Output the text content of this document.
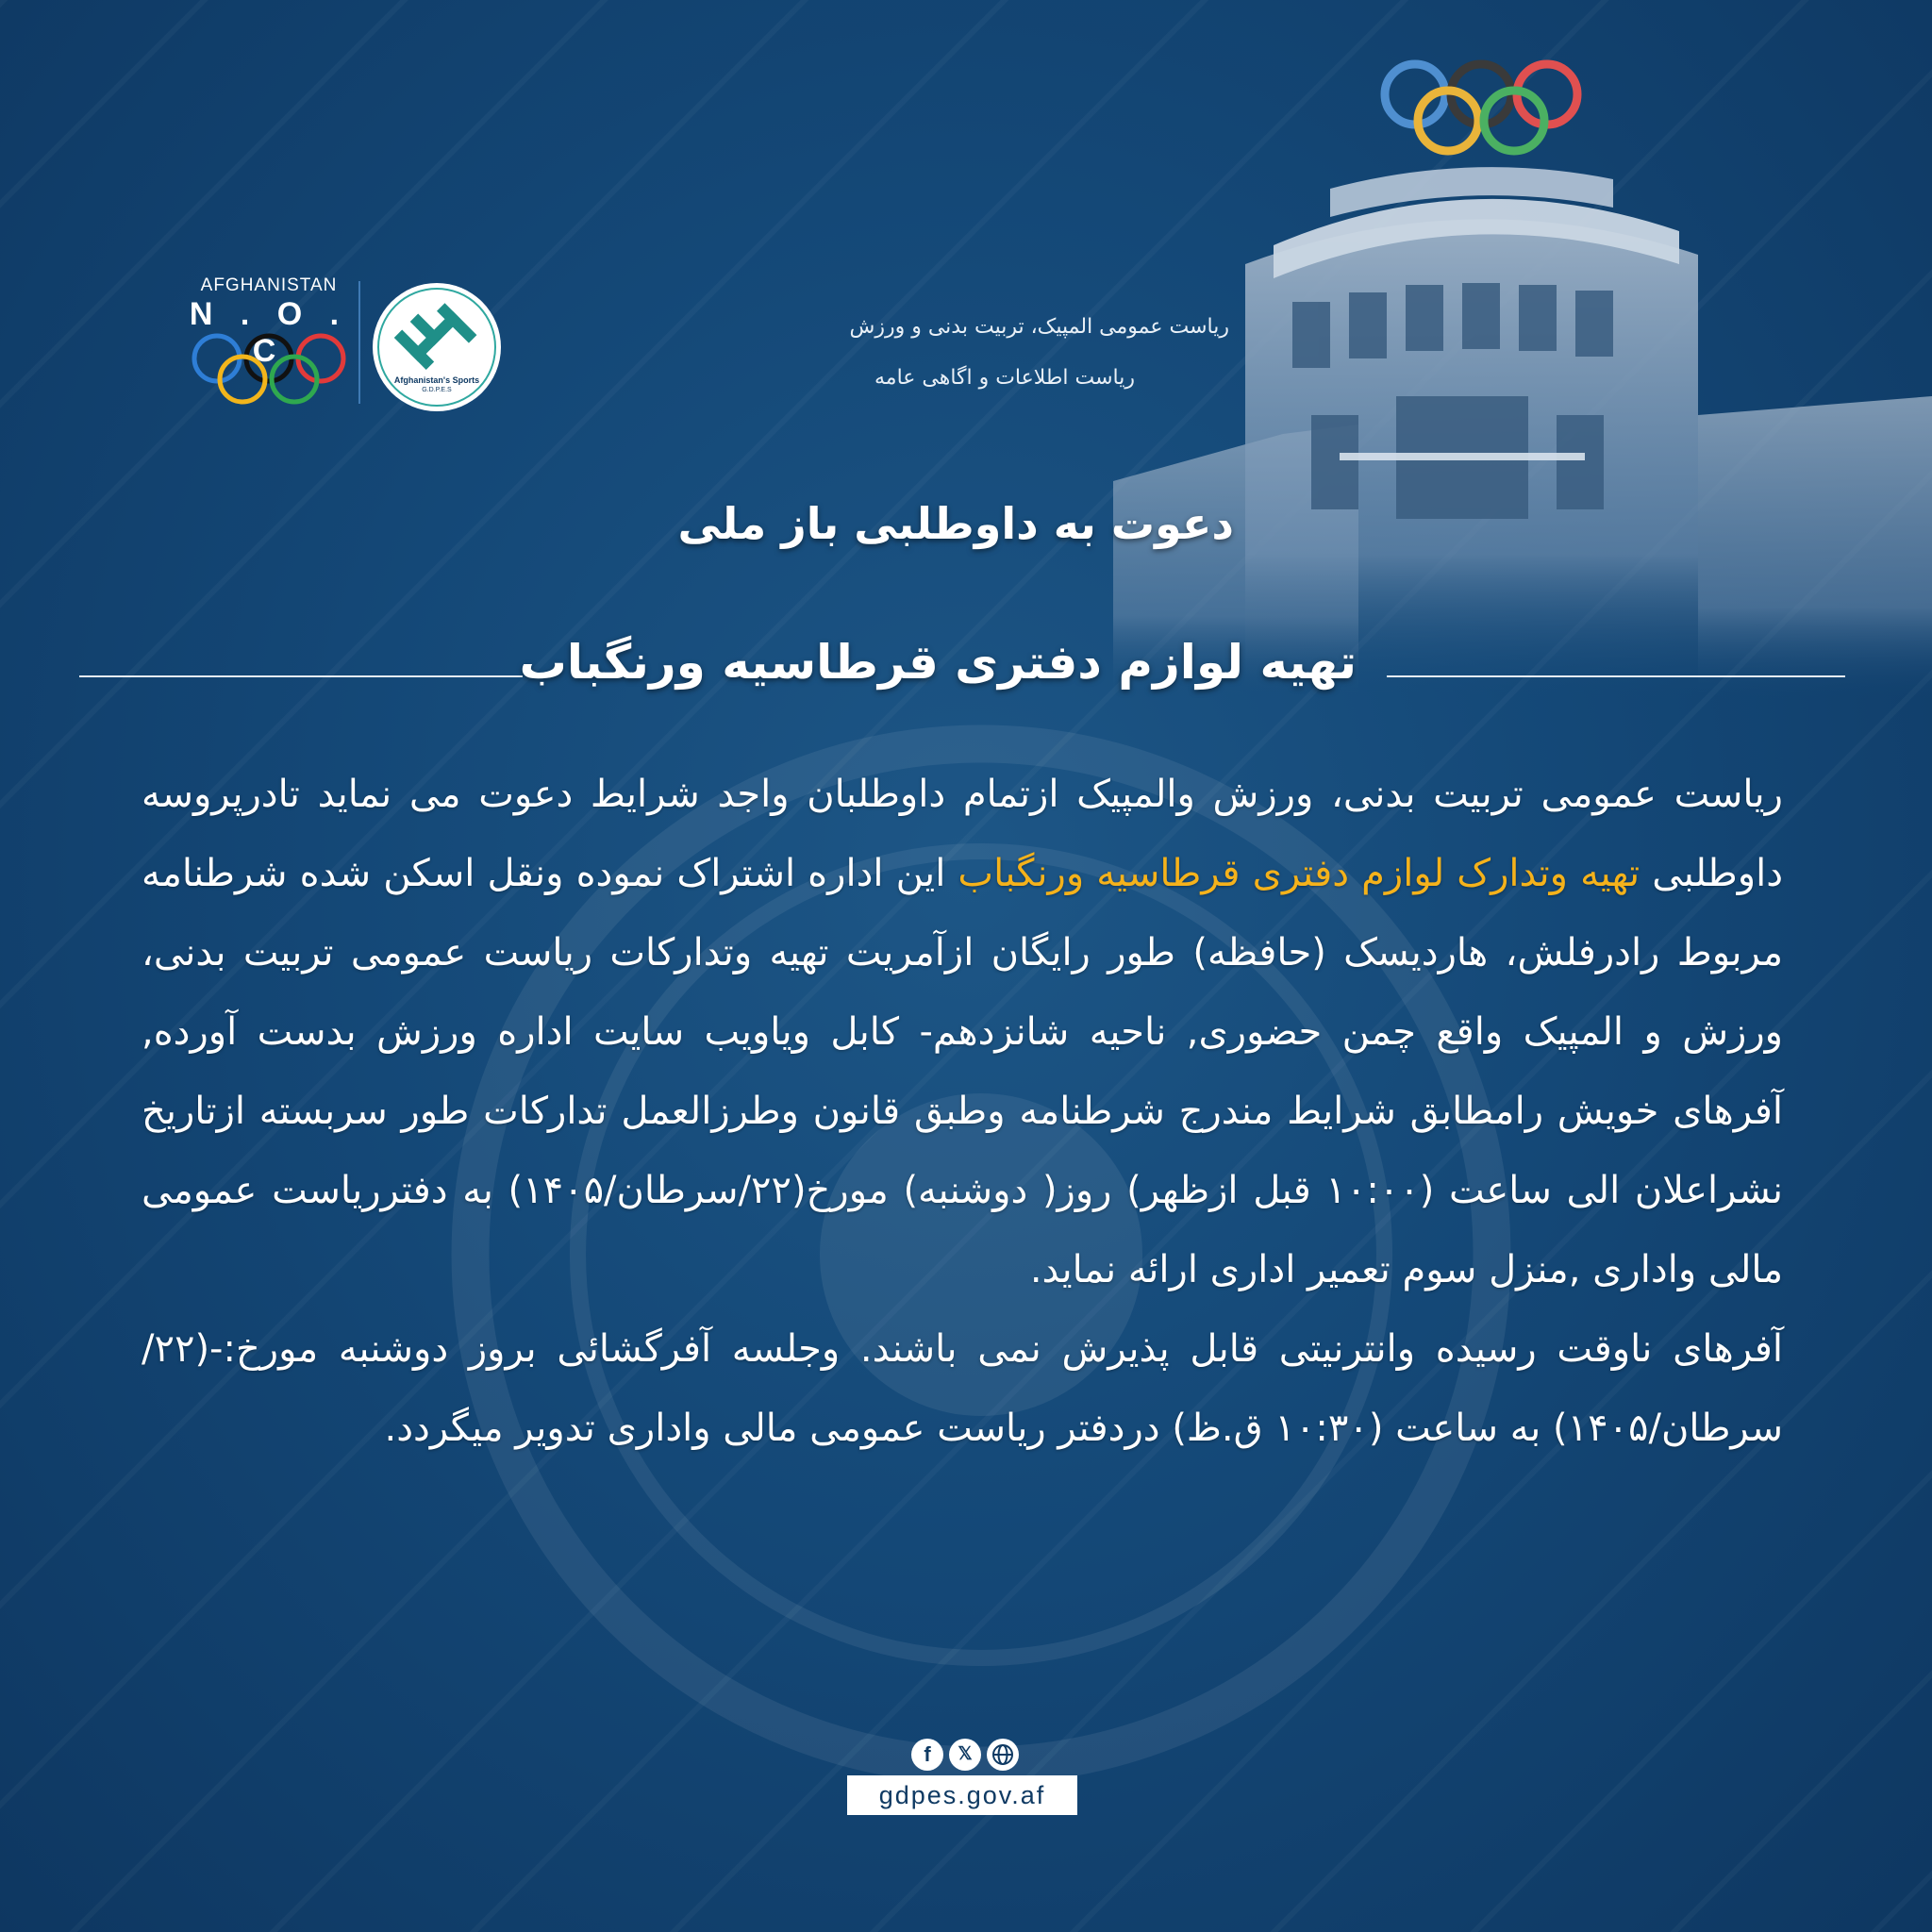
AFGHANISTAN
N . O . C
Afghanistan's Sports
G.D.P.E.S
ریاست عمومی المپیک، تربیت بدنی و ورزش
ریاست اطلاعات و اگاهی عامه
دعوت به داوطلبی باز ملی
تهیه لوازم دفتری قرطاسیه ورنگباب

ریاست عمومی تربیت بدنی، ورزش والمپیک ازتمام داوطلبان واجد شرایط دعوت می نماید تادرپروسه داوطلبی تهیه وتدارک لوازم دفتری قرطاسیه ورنگباب این اداره اشتراک نموده ونقل اسکن شده شرطنامه مربوط رادرفلش، هاردیسک (حافظه) طور رایگان ازآمریت تهیه وتدارکات ریاست عمومی تربیت بدنی، ورزش و المپیک واقع چمن حضوری, ناحیه شانزدهم- کابل ویاویب سایت اداره ورزش بدست آورده, آفرهای خویش رامطابق شرایط مندرج شرطنامه وطبق قانون وطرزالعمل تدارکات طور سربسته ازتاریخ نشراعلان الی ساعت (۱۰:۰۰ قبل ازظهر) روز( دوشنبه) مورخ(۲۲/سرطان/۱۴۰۵) به دفترریاست عمومی مالی واداری ,منزل سوم تعمیر اداری ارائه نماید.

آفرهای ناوقت رسیده وانترنیتی قابل پذیرش نمی باشند. وجلسه آفرگشائی بروز دوشنبه مورخ:-(۲۲/ سرطان/۱۴۰۵) به ساعت (۱۰:۳۰ ق.ظ) دردفتر ریاست عمومی مالی واداری تدویر میگردد.

f	𝕏
gdpes.gov.af
